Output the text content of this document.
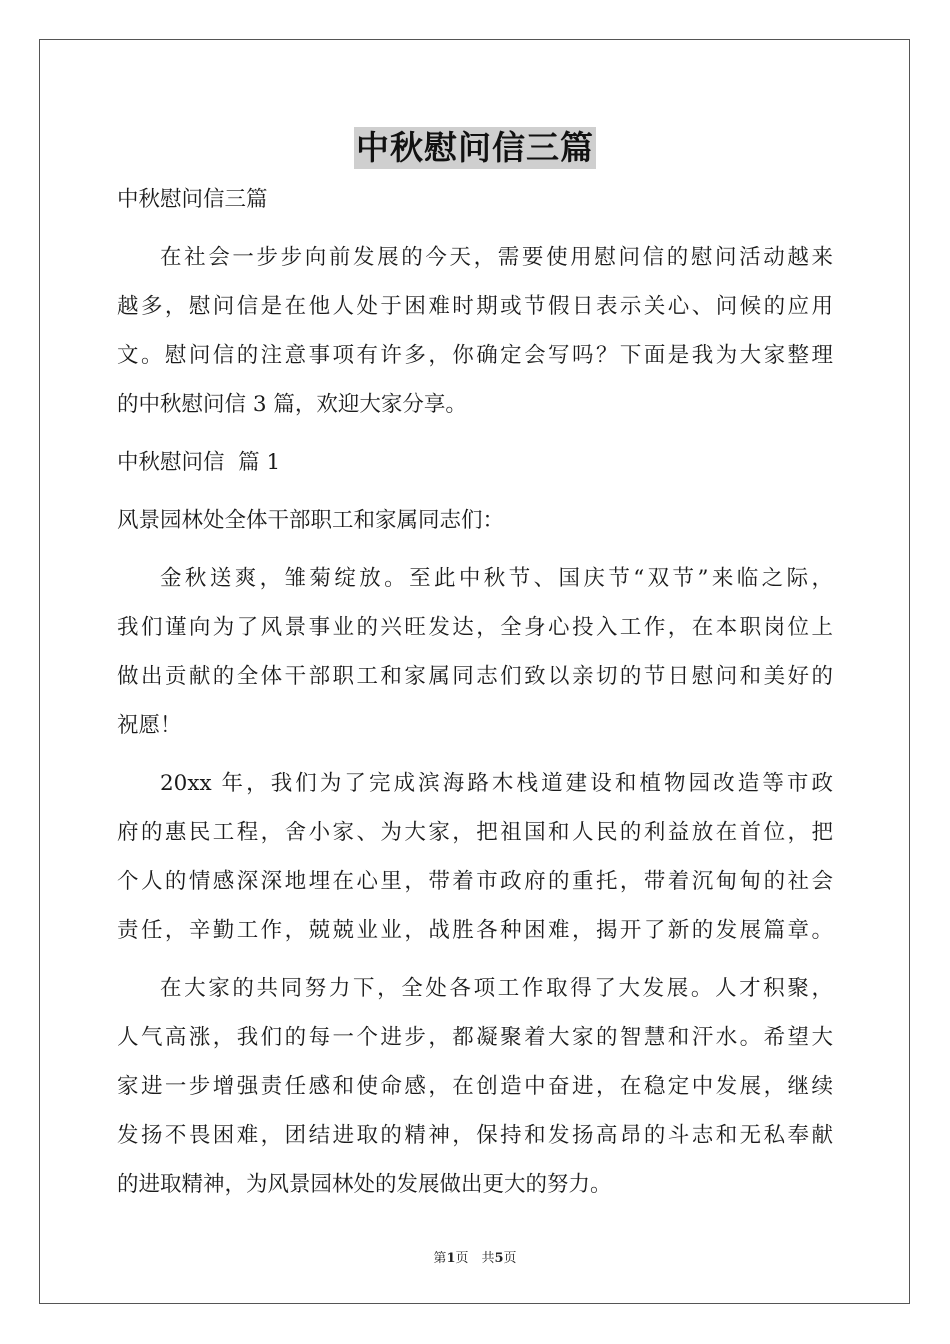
中秋慰问信三篇
中秋慰问信三篇
在社会一步步向前发展的今天，需要使用慰问信的慰问活动越来
越多，慰问信是在他人处于困难时期或节假日表示关心、问候的应用
文。慰问信的注意事项有许多，你确定会写吗？下面是我为大家整理
的中秋慰问信 3 篇，欢迎大家分享。
中秋慰问信  篇 1
风景园林处全体干部职工和家属同志们：
金秋送爽，雏菊绽放。至此中秋节、国庆节“双节”来临之际，
我们谨向为了风景事业的兴旺发达，全身心投入工作，在本职岗位上
做出贡献的全体干部职工和家属同志们致以亲切的节日慰问和美好的
祝愿！
20xx 年，我们为了完成滨海路木栈道建设和植物园改造等市政
府的惠民工程，舍小家、为大家，把祖国和人民的利益放在首位，把
个人的情感深深地埋在心里，带着市政府的重托，带着沉甸甸的社会
责任，辛勤工作，兢兢业业，战胜各种困难，揭开了新的发展篇章。
在大家的共同努力下，全处各项工作取得了大发展。人才积聚，
人气高涨，我们的每一个进步，都凝聚着大家的智慧和汗水。希望大
家进一步增强责任感和使命感，在创造中奋进，在稳定中发展，继续
发扬不畏困难，团结进取的精神，保持和发扬高昂的斗志和无私奉献
的进取精神，为风景园林处的发展做出更大的努力。
第1页　共5页
